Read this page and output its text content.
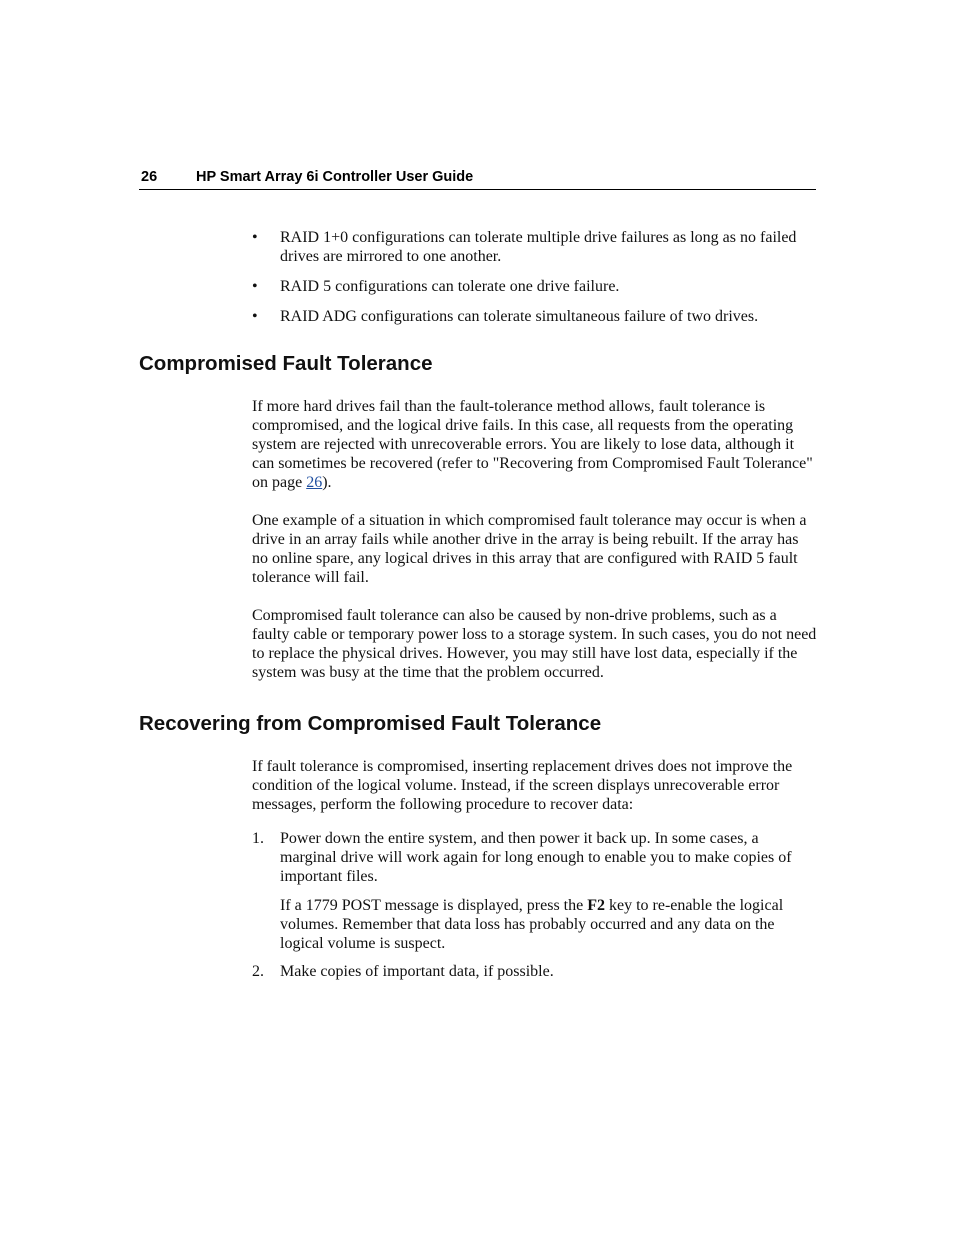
26	HP Smart Array 6i Controller User Guide
• RAID 1+0 configurations can tolerate multiple drive failures as long as no failed drives are mirrored to one another.
• RAID 5 configurations can tolerate one drive failure.
• RAID ADG configurations can tolerate simultaneous failure of two drives.
Compromised Fault Tolerance

If more hard drives fail than the fault-tolerance method allows, fault tolerance is compromised, and the logical drive fails. In this case, all requests from the operating system are rejected with unrecoverable errors. You are likely to lose data, although it can sometimes be recovered (refer to "Recovering from Compromised Fault Tolerance" on page 26).

One example of a situation in which compromised fault tolerance may occur is when a drive in an array fails while another drive in the array is being rebuilt. If the array has no online spare, any logical drives in this array that are configured with RAID 5 fault tolerance will fail.

Compromised fault tolerance can also be caused by non-drive problems, such as a faulty cable or temporary power loss to a storage system. In such cases, you do not need to replace the physical drives. However, you may still have lost data, especially if the system was busy at the time that the problem occurred.

Recovering from Compromised Fault Tolerance

If fault tolerance is compromised, inserting replacement drives does not improve the condition of the logical volume. Instead, if the screen displays unrecoverable error messages, perform the following procedure to recover data:

1. Power down the entire system, and then power it back up. In some cases, a marginal drive will work again for long enough to enable you to make copies of important files.

If a 1779 POST message is displayed, press the F2 key to re-enable the logical volumes. Remember that data loss has probably occurred and any data on the logical volume is suspect.

2. Make copies of important data, if possible.
